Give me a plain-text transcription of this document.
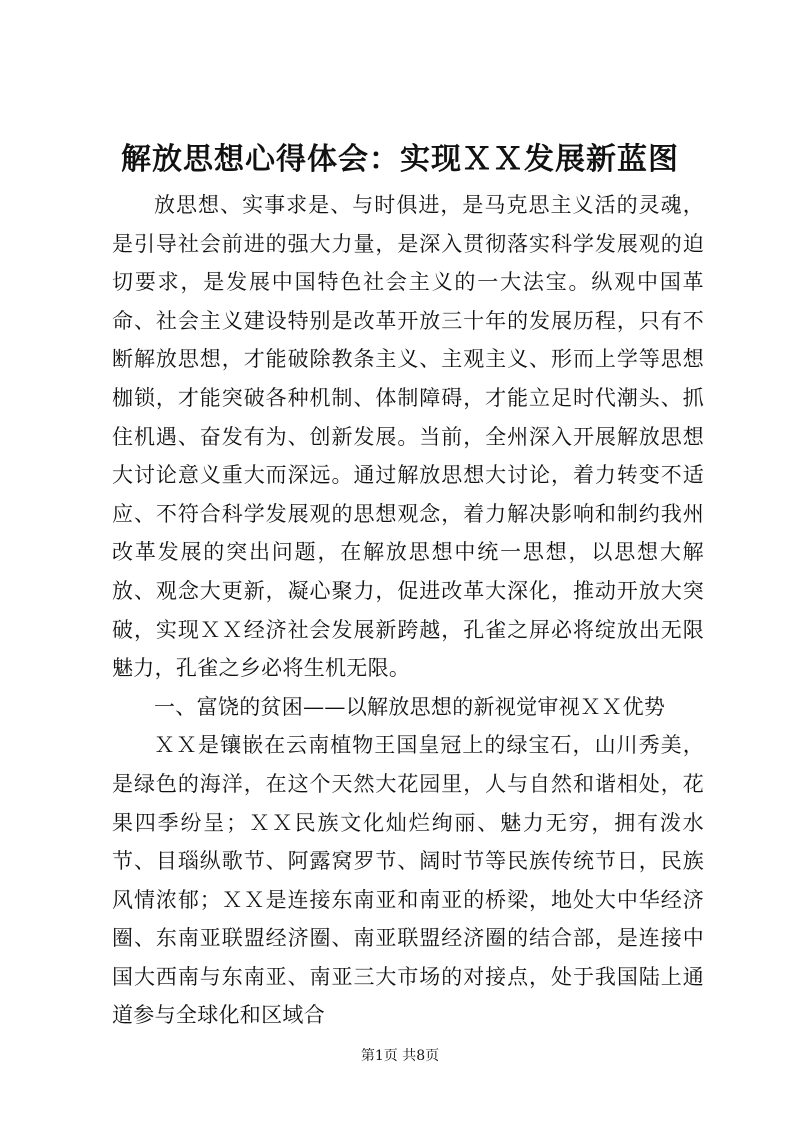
解放思想心得体会：实现ＸＸ发展新蓝图

放思想、实事求是、与时俱进，是马克思主义活的灵魂，是引导社会前进的强大力量，是深入贯彻落实科学发展观的迫切要求，是发展中国特色社会主义的一大法宝。纵观中国革命、社会主义建设特别是改革开放三十年的发展历程，只有不断解放思想，才能破除教条主义、主观主义、形而上学等思想枷锁，才能突破各种机制、体制障碍，才能立足时代潮头、抓住机遇、奋发有为、创新发展。当前，全州深入开展解放思想大讨论意义重大而深远。通过解放思想大讨论，着力转变不适应、不符合科学发展观的思想观念，着力解决影响和制约我州改革发展的突出问题，在解放思想中统一思想，以思想大解放、观念大更新，凝心聚力，促进改革大深化，推动开放大突破，实现ＸＸ经济社会发展新跨越，孔雀之屏必将绽放出无限魅力，孔雀之乡必将生机无限。

一、富饶的贫困——以解放思想的新视觉审视ＸＸ优势

ＸＸ是镶嵌在云南植物王国皇冠上的绿宝石，山川秀美，是绿色的海洋，在这个天然大花园里，人与自然和谐相处，花果四季纷呈；ＸＸ民族文化灿烂绚丽、魅力无穷，拥有泼水节、目瑙纵歌节、阿露窝罗节、阔时节等民族传统节日，民族风情浓郁；ＸＸ是连接东南亚和南亚的桥梁，地处大中华经济圈、东南亚联盟经济圈、南亚联盟经济圈的结合部，是连接中国大西南与东南亚、南亚三大市场的对接点，处于我国陆上通道参与全球化和区域合

第1页 共8页
